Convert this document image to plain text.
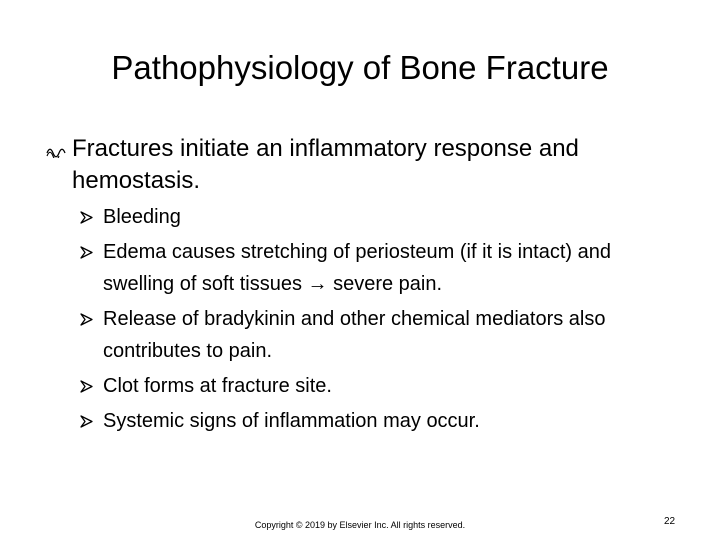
Pathophysiology of Bone Fracture
Fractures initiate an inflammatory response and hemostasis.
Bleeding
Edema causes stretching of periosteum (if it is intact) and swelling of soft tissues → severe pain.
Release of bradykinin and other chemical mediators also contributes to pain.
Clot forms at fracture site.
Systemic signs of inflammation may occur.
Copyright © 2019 by Elsevier Inc. All rights reserved.	22
